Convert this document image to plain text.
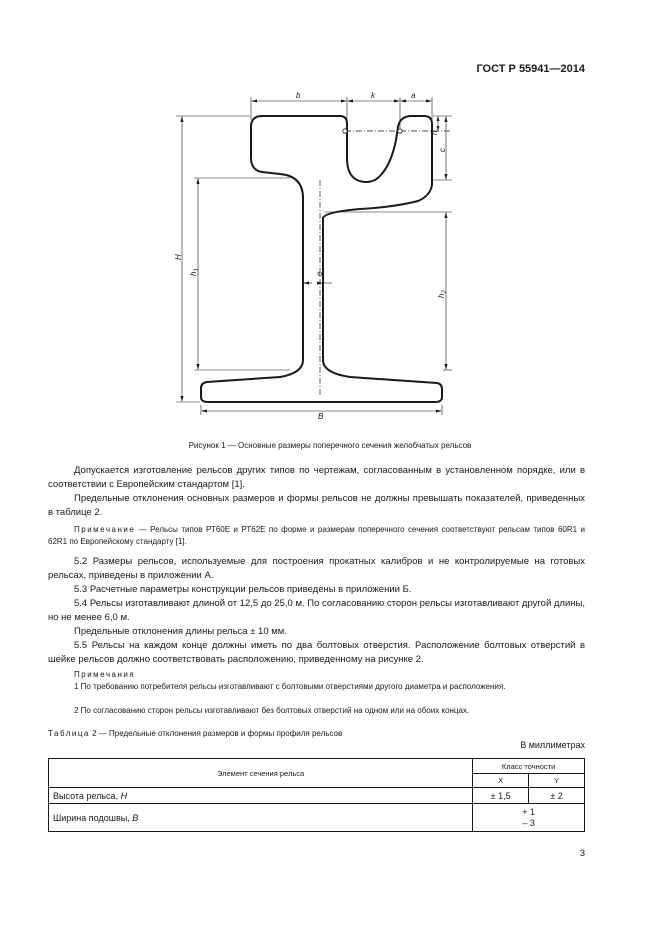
ГОСТ Р 55941—2014
b	k	a
H
$h_1$
$h_2$
n
c
e
B
Рисунок 1 — Основные размеры поперечного сечения желобчатых рельсов
Допускается изготовление рельсов других типов по чертежам, согласованным в установленном порядке, или в соответствии с Европейским стандартом [1].
Предельные отклонения основных размеров и формы рельсов не должны превышать показателей, приведенных в таблице 2.
Примечание — Рельсы типов РТ60Е и РТ62Е по форме и размерам поперечного сечения соответствуют рельсам типов 60R1 и 62R1 по Европейскому стандарту [1].
5.2 Размеры рельсов, используемые для построения прокатных калибров и не контролируемые на готовых рельсах, приведены в приложении А.
5.3 Расчетные параметры конструкции рельсов приведены в приложении Б.
5.4 Рельсы изготавливают длиной от 12,5 до 25,0 м. По согласованию сторон рельсы изготавливают другой длины, но не менее 6,0 м.
Предельные отклонения длины рельса ± 10 мм.
5.5 Рельсы на каждом конце должны иметь по два болтовых отверстия. Расположение болтовых отверстий в шейке рельсов должно соответствовать расположению, приведенному на рисунке 2.
Примечания
1 По требованию потребителя рельсы изготавливают с болтовыми отверстиями другого диаметра и расположения.
2 По согласованию сторон рельсы изготавливают без болтовых отверстий на одном или на обоих концах.
Таблица 2 — Предельные отклонения размеров и формы профиля рельсов
В миллиметрах
Элемент сечения рельса	Класс точности	
	X	Y
Высота рельса, H	± 1,5	± 2
Ширина подошвы, B	+ 1
– 3	
3
